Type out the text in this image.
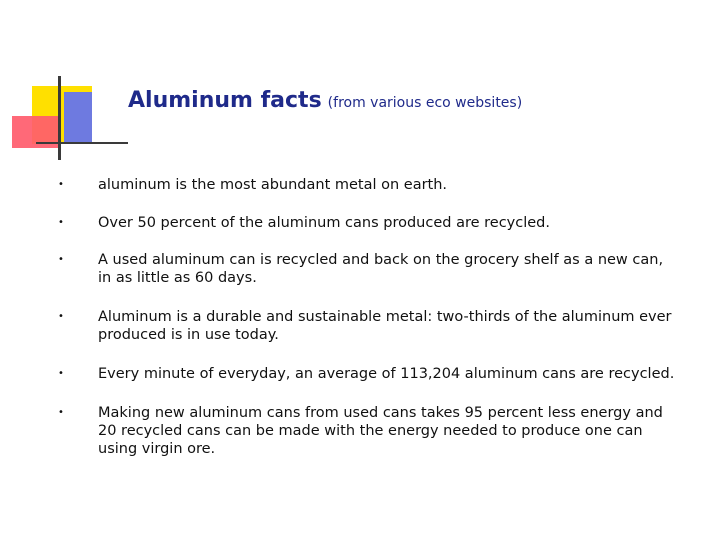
Aluminum facts (from various eco websites)
• aluminum is the most abundant metal on earth.
• Over 50 percent of the aluminum cans produced are recycled.
• A used aluminum can is recycled and back on the grocery shelf as a new can, in as little as 60 days.
• Aluminum is a durable and sustainable metal: two-thirds of the aluminum ever produced is in use today.
• Every minute of everyday, an average of 113,204 aluminum cans are recycled.
• Making new aluminum cans from used cans takes 95 percent less energy and 20 recycled cans can be made with the energy needed to produce one can using virgin ore.
